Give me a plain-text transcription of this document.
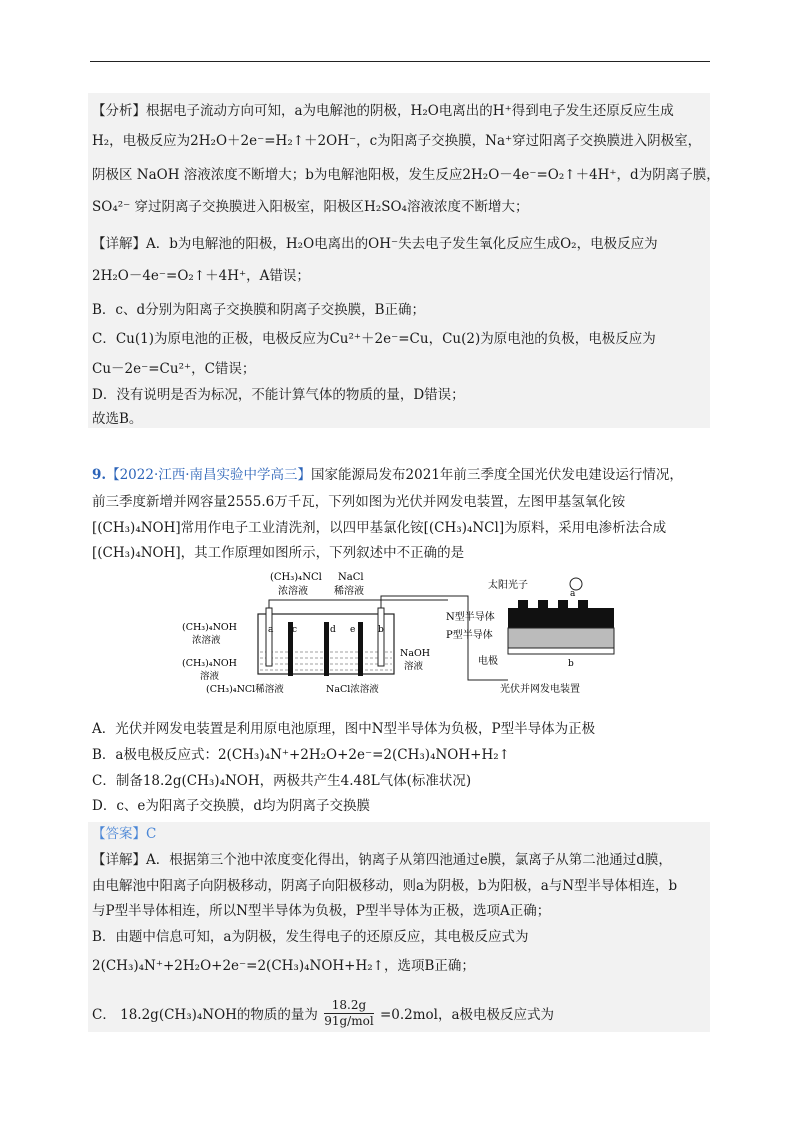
【分析】根据电子流动方向可知，a为电解池的阴极，H₂O电离出的H⁺得到电子发生还原反应生成
H₂，电极反应为2H₂O＋2e⁻=H₂↑＋2OH⁻，c为阳离子交换膜，Na⁺穿过阳离子交换膜进入阴极室，
阴极区 NaOH 溶液浓度不断增大；b为电解池阳极，发生反应2H₂O－4e⁻=O₂↑＋4H⁺，d为阴离子膜，
SO₄²⁻ 穿过阴离子交换膜进入阳极室，阳极区H₂SO₄溶液浓度不断增大；
【详解】A．b为电解池的阳极，H₂O电离出的OH⁻失去电子发生氧化反应生成O₂，电极反应为
2H₂O－4e⁻=O₂↑＋4H⁺，A错误；
B．c、d分别为阳离子交换膜和阴离子交换膜，B正确；
C．Cu(1)为原电池的正极，电极反应为Cu²⁺＋2e⁻=Cu，Cu(2)为原电池的负极，电极反应为
Cu－2e⁻=Cu²⁺，C错误；
D．没有说明是否为标况，不能计算气体的物质的量，D错误；
故选B。
9.【2022·江西·南昌实验中学高三】国家能源局发布2021年前三季度全国光伏发电建设运行情况，
前三季度新增并网容量2555.6万千瓦，下列如图为光伏并网发电装置，左图甲基氢氧化铵
[(CH₃)₄NOH]常用作电子工业清洗剂，以四甲基氯化铵[(CH₃)₄NCl]为原料，采用电渗析法合成
[(CH₃)₄NOH]，其工作原理如图所示，下列叙述中不正确的是
a c	d e	b
(CH₃)₄NCl
浓溶液
NaCl
稀溶液
(CH₃)₄NOH
浓溶液
(CH₃)₄NOH
溶液
NaOH
溶液
(CH₃)₄NCl稀溶液	NaCl浓溶液
太阳光子
N型半导体
P型半导体
电极
a
b
光伏并网发电装置
A．光伏并网发电装置是利用原电池原理，图中N型半导体为负极，P型半导体为正极
B．a极电极反应式：2(CH₃)₄N⁺+2H₂O+2e⁻=2(CH₃)₄NOH+H₂↑
C．制备18.2g(CH₃)₄NOH，两极共产生4.48L气体(标准状况)
D．c、e为阳离子交换膜，d均为阴离子交换膜
【答案】C
【详解】A．根据第三个池中浓度变化得出，钠离子从第四池通过e膜，氯离子从第二池通过d膜，
由电解池中阳离子向阴极移动，阴离子向阳极移动，则a为阴极，b为阳极，a与N型半导体相连，b
与P型半导体相连，所以N型半导体为负极，P型半导体为正极，选项A正确；
B．由题中信息可知，a为阴极，发生得电子的还原反应，其电极反应式为
2(CH₃)₄N⁺+2H₂O+2e⁻=2(CH₃)₄NOH+H₂↑，选项B正确；
C． 18.2g(CH₃)₄NOH的物质的量为
18.2g
91g/mol =0.2mol，a极电极反应式为
